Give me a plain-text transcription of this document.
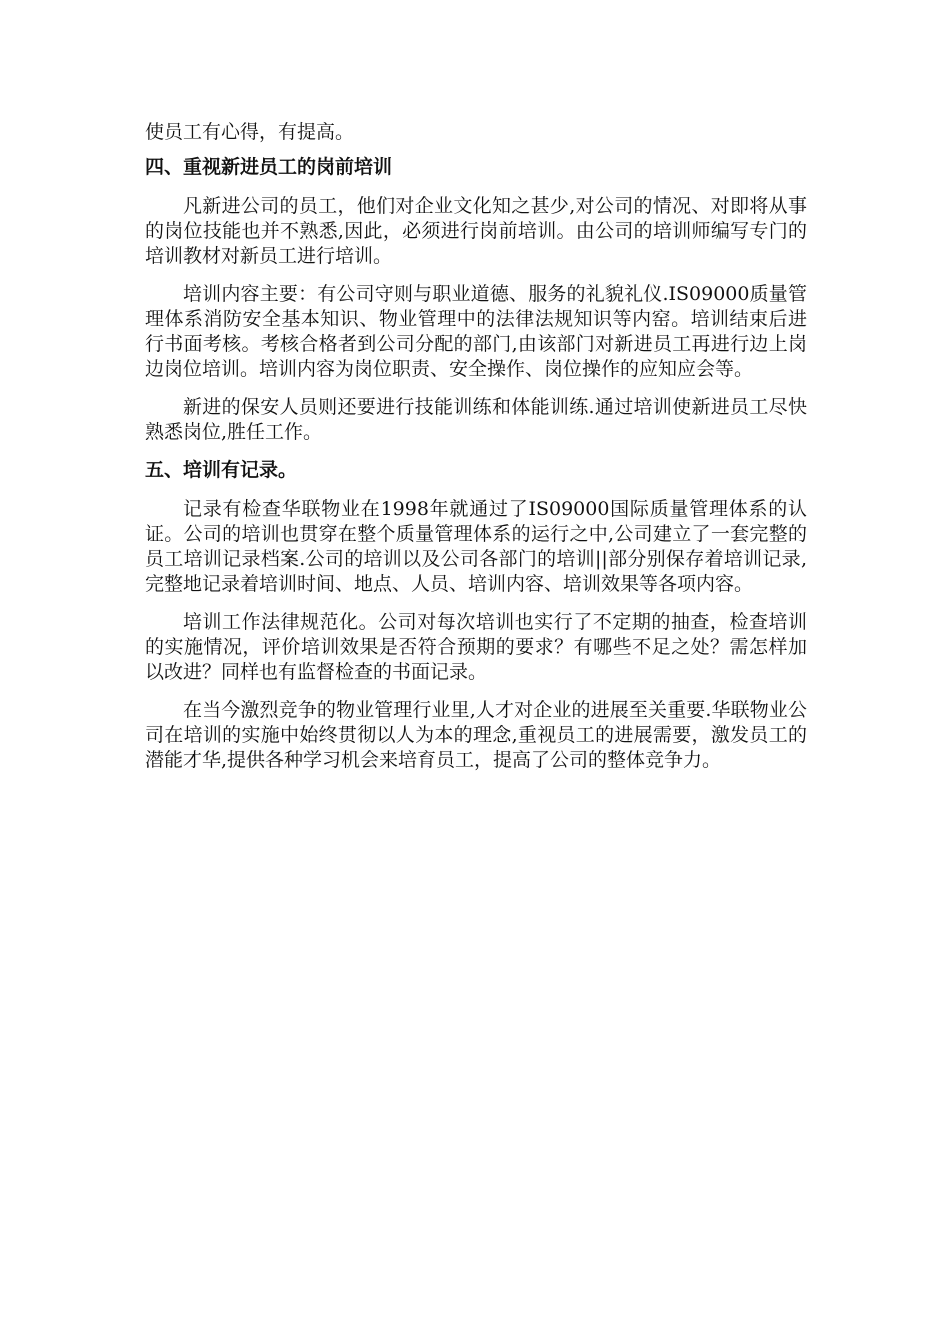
使员工有心得，有提高。

四、重视新进员工的岗前培训

凡新进公司的员工，他们对企业文化知之甚少,对公司的情况、对即将从事的岗位技能也并不熟悉,因此，必须进行岗前培训。由公司的培训师编写专门的培训教材对新员工进行培训。

培训内容主要：有公司守则与职业道德、服务的礼貌礼仪.IS09000质量管理体系消防安全基本知识、物业管理中的法律法规知识等内窑。培训结束后进行书面考核。考核合格者到公司分配的部门,由该部门对新进员工再进行边上岗边岗位培训。培训内容为岗位职责、安全操作、岗位操作的应知应会等。

新进的保安人员则还要进行技能训练和体能训练.通过培训使新进员工尽快熟悉岗位,胜任工作。

五、培训有记录。

记录有检查华联物业在1998年就通过了IS09000国际质量管理体系的认证。公司的培训也贯穿在整个质量管理体系的运行之中,公司建立了一套完整的员工培训记录档案.公司的培训以及公司各部门的培训||部分别保存着培训记录,完整地记录着培训时间、地点、人员、培训内容、培训效果等各项内容。

培训工作法律规范化。公司对每次培训也实行了不定期的抽查，检查培训的实施情况，评价培训效果是否符合预期的要求？有哪些不足之处？需怎样加以改进？同样也有监督检查的书面记录。

在当今激烈竞争的物业管理行业里,人才对企业的进展至关重要.华联物业公司在培训的实施中始终贯彻以人为本的理念,重视员工的进展需要，激发员工的潜能才华,提供各种学习机会来培育员工，提高了公司的整体竞争力。
